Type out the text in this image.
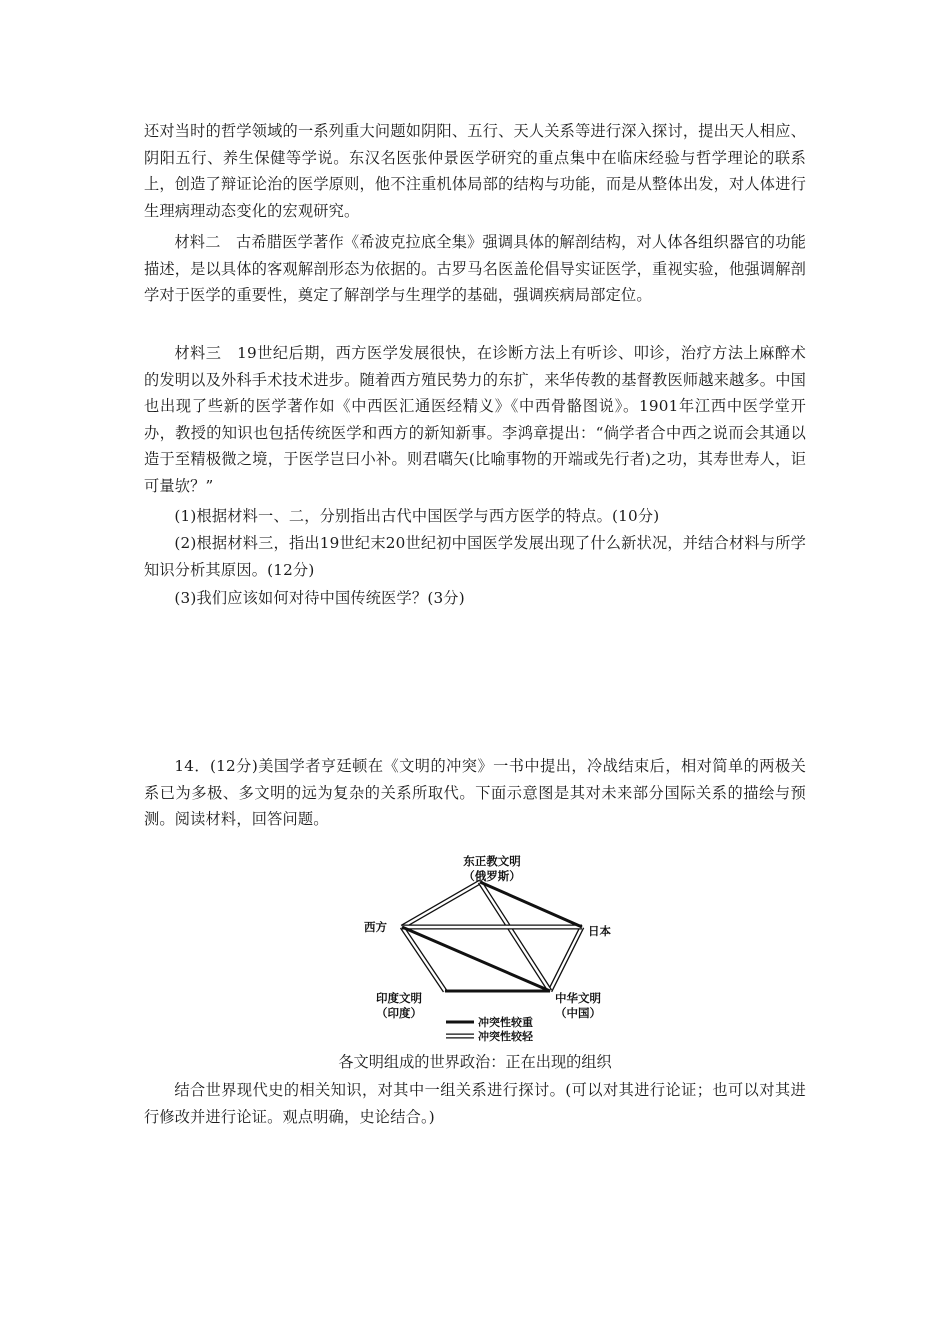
还对当时的哲学领域的一系列重大问题如阴阳、五行、天人关系等进行深入探讨，提出天人相应、阴阳五行、养生保健等学说。东汉名医张仲景医学研究的重点集中在临床经验与哲学理论的联系上，创造了辩证论治的医学原则，他不注重机体局部的结构与功能，而是从整体出发，对人体进行生理病理动态变化的宏观研究。

材料二　古希腊医学著作《希波克拉底全集》强调具体的解剖结构，对人体各组织器官的功能描述，是以具体的客观解剖形态为依据的。古罗马名医盖伦倡导实证医学，重视实验，他强调解剖学对于医学的重要性，奠定了解剖学与生理学的基础，强调疾病局部定位。

材料三　19世纪后期，西方医学发展很快，在诊断方法上有听诊、叩诊，治疗方法上麻醉术的发明以及外科手术技术进步。随着西方殖民势力的东扩，来华传教的基督教医师越来越多。中国也出现了些新的医学著作如《中西医汇通医经精义》《中西骨骼图说》。1901年江西中医学堂开办，教授的知识也包括传统医学和西方的新知新事。李鸿章提出：“倘学者合中西之说而会其通以造于至精极微之境，于医学岂曰小补。则君嚆矢(比喻事物的开端或先行者)之功，其寿世寿人，讵可量欤？”

(1)根据材料一、二，分别指出古代中国医学与西方医学的特点。(10分)

(2)根据材料三，指出19世纪末20世纪初中国医学发展出现了什么新状况，并结合材料与所学知识分析其原因。(12分)

(3)我们应该如何对待中国传统医学？(3分)

14．(12分)美国学者亨廷顿在《文明的冲突》一书中提出，冷战结束后，相对简单的两极关系已为多极、多文明的远为复杂的关系所取代。下面示意图是其对未来部分国际关系的描绘与预测。阅读材料，回答问题。

东正教文明
（俄罗斯）
西方	日本
印度文明
（印度）
中华文明
（中国）
冲突性较重
冲突性较轻
各文明组成的世界政治：正在出现的组织

结合世界现代史的相关知识，对其中一组关系进行探讨。(可以对其进行论证；也可以对其进行修改并进行论证。观点明确，史论结合。)
